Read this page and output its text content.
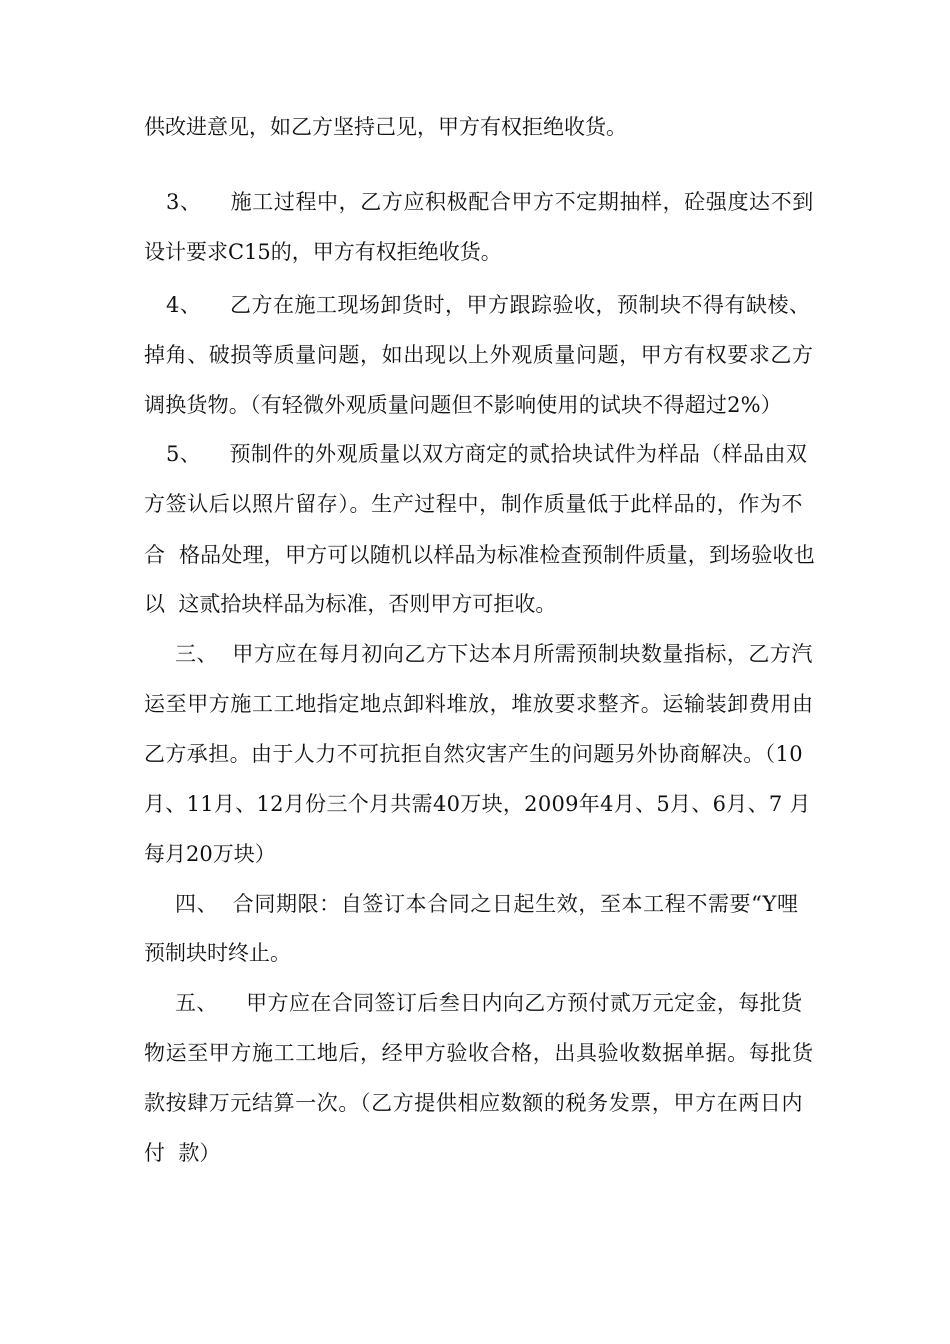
供改进意见，如乙方坚持己见，甲方有权拒绝收货。

3、    施工过程中，乙方应积极配合甲方不定期抽样，砼强度达不到

设计要求C15的，甲方有权拒绝收货。

4、    乙方在施工现场卸货时，甲方跟踪验收，预制块不得有缺棱、

掉角、破损等质量问题，如出现以上外观质量问题，甲方有权要求乙方

调换货物。（有轻微外观质量问题但不影响使用的试块不得超过2%）

5、    预制件的外观质量以双方商定的贰拾块试件为样品（样品由双

方签认后以照片留存）。生产过程中，制作质量低于此样品的，作为不

合  格品处理，甲方可以随机以样品为标准检查预制件质量，到场验收也

以  这贰拾块样品为标准，否则甲方可拒收。

三、  甲方应在每月初向乙方下达本月所需预制块数量指标，乙方汽

运至甲方施工工地指定地点卸料堆放，堆放要求整齐。运输装卸费用由

乙方承担。由于人力不可抗拒自然灾害产生的问题另外协商解决。（10

月、11月、12月份三个月共需40万块，2009年4月、5月、6月、7 月

每月20万块）

四、  合同期限：自签订本合同之日起生效，至本工程不需要“Y哩

预制块时终止。

五、    甲方应在合同签订后叁日内向乙方预付贰万元定金，每批货

物运至甲方施工工地后，经甲方验收合格，出具验收数据单据。每批货

款按肆万元结算一次。（乙方提供相应数额的税务发票，甲方在两日内

付  款）
